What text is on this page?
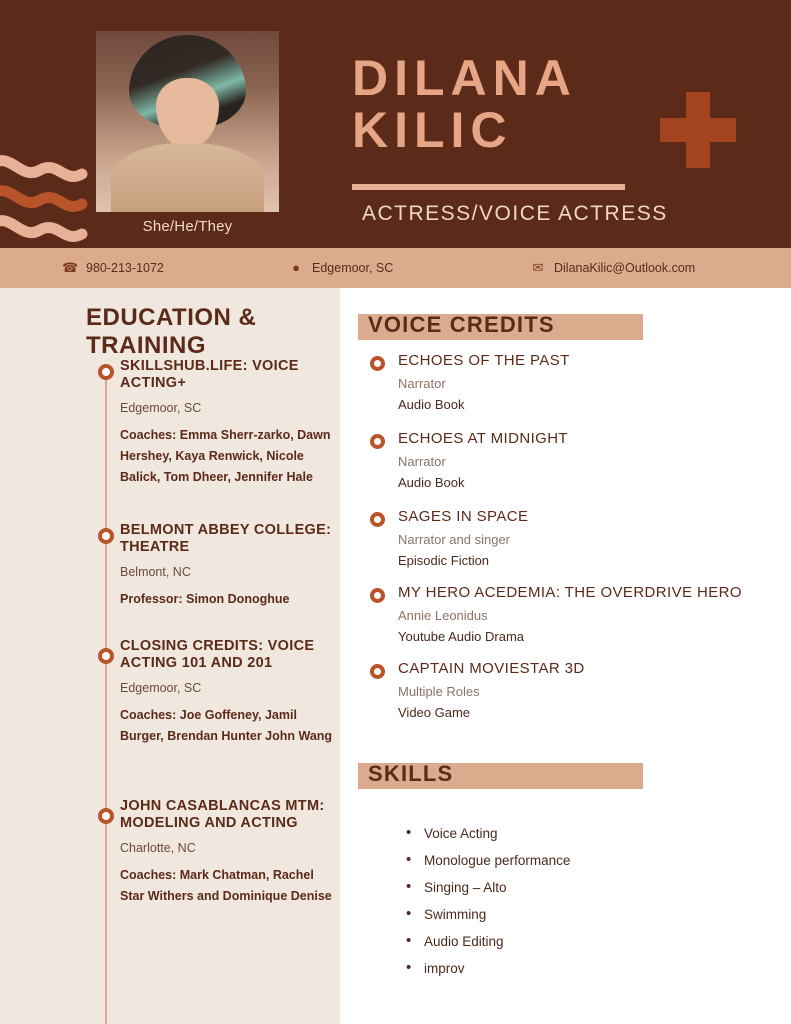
She/He/They
DILANA
KILIC
ACTRESS/VOICE ACTRESS
☎ 980-213-1072	● Edgemoor, SC	✉ DilanaKilic@Outlook.com
EDUCATION & TRAINING
SKILLSHUB.LIFE: VOICE ACTING+
Edgemoor, SC
Coaches: Emma Sherr-zarko, Dawn Hershey, Kaya Renwick, Nicole Balick, Tom Dheer, Jennifer Hale
BELMONT ABBEY COLLEGE: THEATRE
Belmont, NC
Professor: Simon Donoghue
CLOSING CREDITS: VOICE ACTING 101 AND 201
Edgemoor, SC
Coaches: Joe Goffeney, Jamil Burger, Brendan Hunter John Wang
JOHN CASABLANCAS MTM: MODELING AND ACTING
Charlotte, NC
Coaches: Mark Chatman, Rachel Star Withers and Dominique Denise
VOICE CREDITS
ECHOES OF THE PAST
Narrator
Audio Book
ECHOES AT MIDNIGHT
Narrator
Audio Book
SAGES IN SPACE
Narrator and singer
Episodic Fiction
MY HERO ACEDEMIA: THE OVERDRIVE HERO
Annie Leonidus
Youtube Audio Drama
CAPTAIN MOVIESTAR 3D
Multiple Roles
Video Game
SKILLS
• Voice Acting
• Monologue performance
• Singing – Alto
• Swimming
• Audio Editing
• improv
